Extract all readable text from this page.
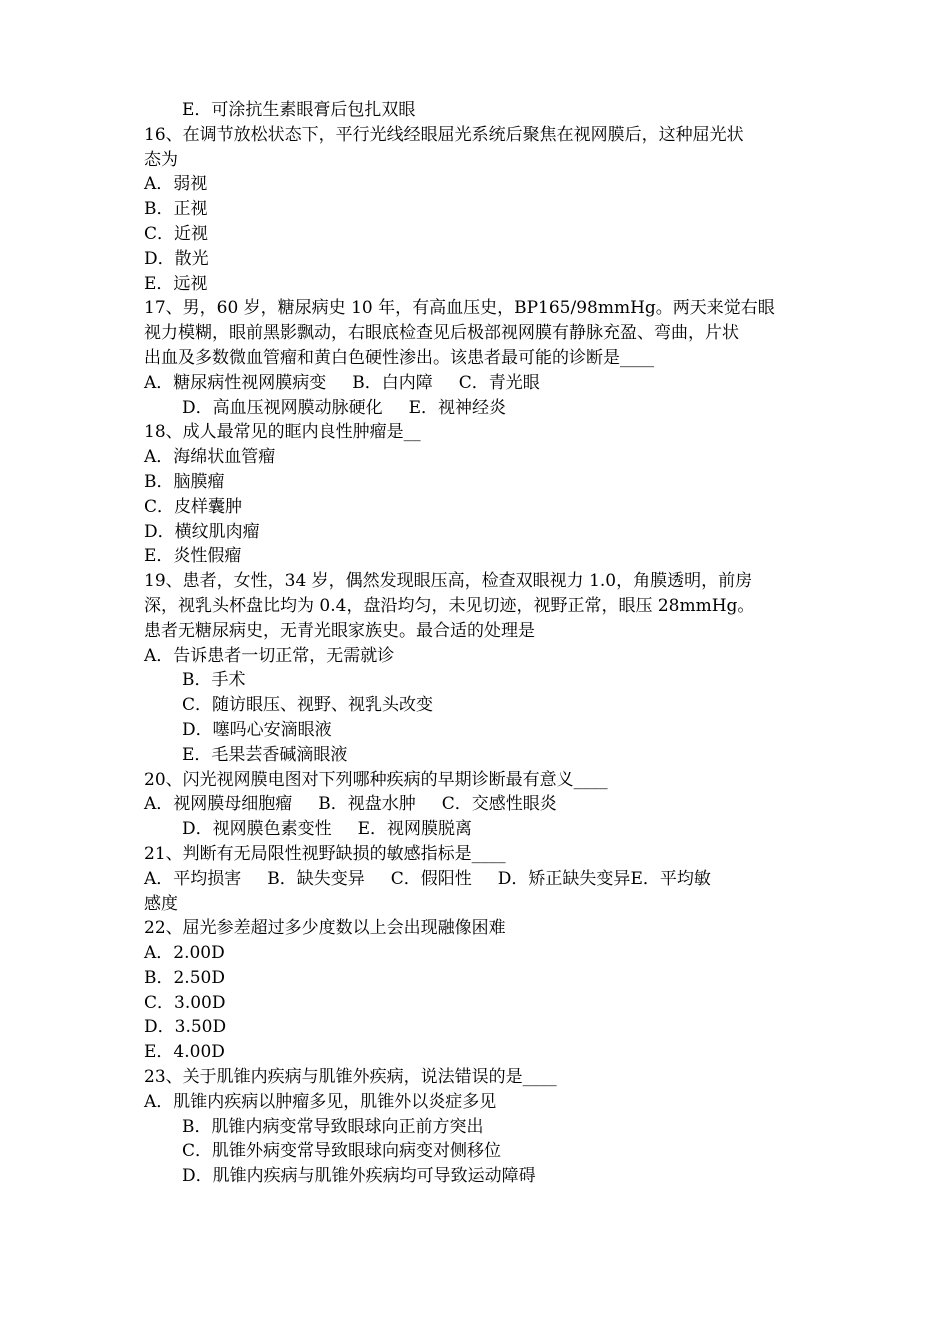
E．可涂抗生素眼膏后包扎双眼
16、在调节放松状态下，平行光线经眼屈光系统后聚焦在视网膜后，这种屈光状
态为
A．弱视
B．正视
C．近视
D．散光
E．远视
17、男，60 岁，糖尿病史 10 年，有高血压史，BP165/98mmHg。两天来觉右眼
视力模糊，眼前黑影飘动，右眼底检查见后极部视网膜有静脉充盈、弯曲，片状
出血及多数微血管瘤和黄白色硬性渗出。该患者最可能的诊断是____
A．糖尿病性视网膜病变 B．白内障 C．青光眼
D．高血压视网膜动脉硬化 E．视神经炎
18、成人最常见的眶内良性肿瘤是__
A．海绵状血管瘤
B．脑膜瘤
C．皮样囊肿
D．横纹肌肉瘤
E．炎性假瘤
19、患者，女性，34 岁，偶然发现眼压高，检查双眼视力 1.0，角膜透明，前房
深，视乳头杯盘比均为 0.4，盘沿均匀，未见切迹，视野正常，眼压 28mmHg。
患者无糖尿病史，无青光眼家族史。最合适的处理是
A．告诉患者一切正常，无需就诊
B．手术
C．随访眼压、视野、视乳头改变
D．噻吗心安滴眼液
E．毛果芸香碱滴眼液
20、闪光视网膜电图对下列哪种疾病的早期诊断最有意义____
A．视网膜母细胞瘤 B．视盘水肿 C．交感性眼炎
D．视网膜色素变性 E．视网膜脱离
21、判断有无局限性视野缺损的敏感指标是____
A．平均损害 B．缺失变异 C．假阳性 D．矫正缺失变异E．平均敏
感度
22、屈光参差超过多少度数以上会出现融像困难
A．2.00D
B．2.50D
C．3.00D
D．3.50D
E．4.00D
23、关于肌锥内疾病与肌锥外疾病，说法错误的是____
A．肌锥内疾病以肿瘤多见，肌锥外以炎症多见
B．肌锥内病变常导致眼球向正前方突出
C．肌锥外病变常导致眼球向病变对侧移位
D．肌锥内疾病与肌锥外疾病均可导致运动障碍
